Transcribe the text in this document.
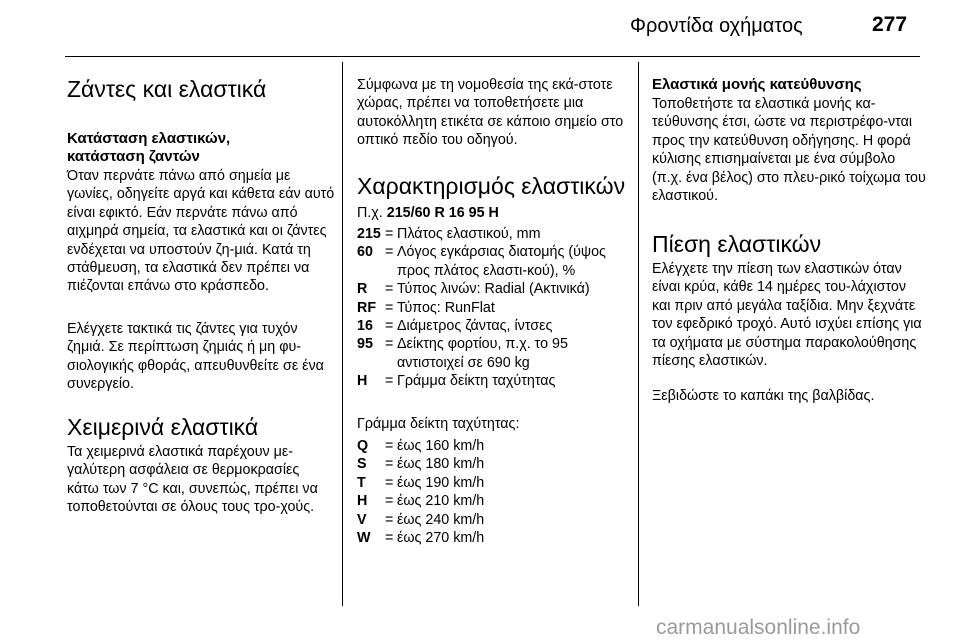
Φροντίδα οχήματος	277
Ζάντες και ελαστικά
Κατάσταση ελαστικών, κατάσταση ζαντών

Όταν περνάτε πάνω από σημεία με γωνίες, οδηγείτε αργά και κάθετα εάν αυτό είναι εφικτό. Εάν περνάτε πάνω από αιχμηρά σημεία, τα ελαστικά και οι ζάντες ενδέχεται να υποστούν ζη-μιά. Κατά τη στάθμευση, τα ελαστικά δεν πρέπει να πιέζονται επάνω στο κράσπεδο.

Ελέγχετε τακτικά τις ζάντες για τυχόν ζημιά. Σε περίπτωση ζημιάς ή μη φυ-σιολογικής φθοράς, απευθυνθείτε σε ένα συνεργείο.

Χειμερινά ελαστικά

Τα χειμερινά ελαστικά παρέχουν με-γαλύτερη ασφάλεια σε θερμοκρασίες κάτω των 7 °C και, συνεπώς, πρέπει να τοποθετούνται σε όλους τους τρο-χούς.

Σύμφωνα με τη νομοθεσία της εκά-στοτε χώρας, πρέπει να τοποθετήσετε μια αυτοκόλλητη ετικέτα σε κάποιο σημείο στο οπτικό πεδίο του οδηγού.

Χαρακτηρισμός ελαστικών
Π.χ. 215/60 R 16 95 H
215 = Πλάτος ελαστικού, mm
60 = Λόγος εγκάρσιας διατομής (ύψος προς πλάτος ελαστι-κού), %
R	= Τύπος λινών: Radial (Ακτινικά)
RF = Τύπος: RunFlat
16 = Διάμετρος ζάντας, ίντσες
95 = Δείκτης φορτίου, π.χ. το 95 αντιστοιχεί σε 690 kg
H	= Γράμμα δείκτη ταχύτητας
Γράμμα δείκτη ταχύτητας:
Q	= έως 160 km/h
S	= έως 180 km/h
T	= έως 190 km/h
H	= έως 210 km/h
V	= έως 240 km/h
W	= έως 270 km/h
Ελαστικά μονής κατεύθυνσης

Τοποθετήστε τα ελαστικά μονής κα-τεύθυνσης έτσι, ώστε να περιστρέφο-νται προς την κατεύθυνση οδήγησης. Η φορά κύλισης επισημαίνεται με ένα σύμβολο (π.χ. ένα βέλος) στο πλευ-ρικό τοίχωμα του ελαστικού.

Πίεση ελαστικών

Ελέγχετε την πίεση των ελαστικών όταν είναι κρύα, κάθε 14 ημέρες του-λάχιστον και πριν από μεγάλα ταξίδια. Μην ξεχνάτε τον εφεδρικό τροχό. Αυτό ισχύει επίσης για τα οχήματα με σύστημα παρακολούθησης πίεσης ελαστικών.

Ξεβιδώστε το καπάκι της βαλβίδας.

carmanualsonline.info
